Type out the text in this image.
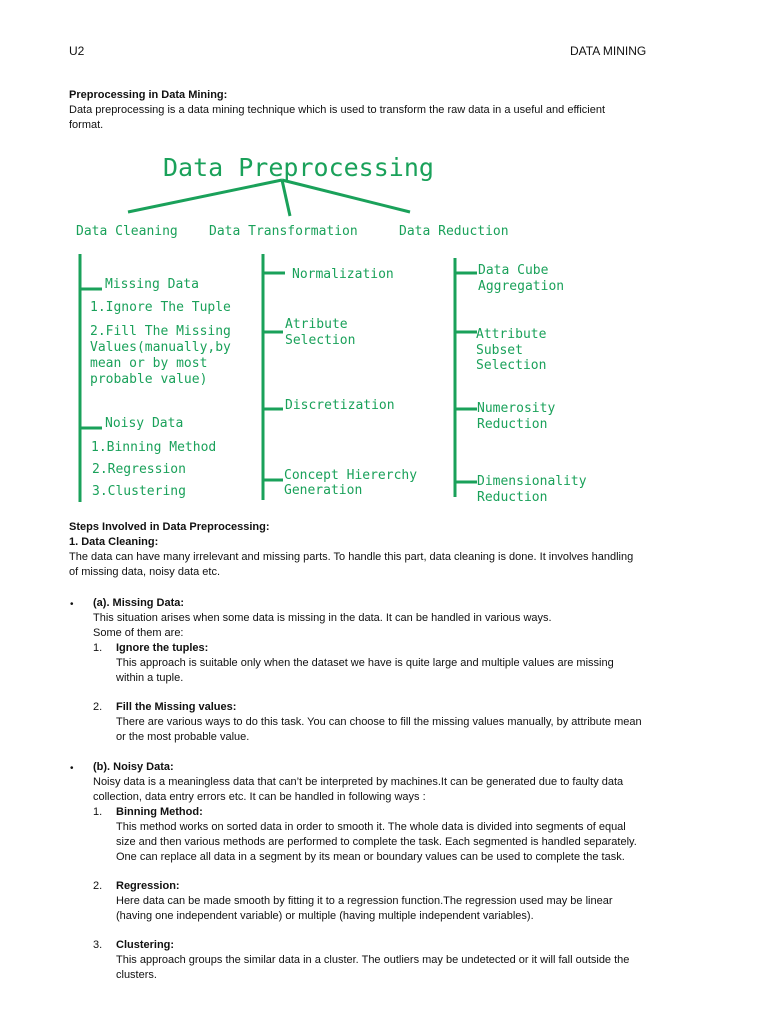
U2	DATA MINING
Preprocessing in Data Mining:
Data preprocessing is a data mining technique which is used to transform the raw data in a useful and efficient
format.
Data Preprocessing
Data Cleaning Data Transformation	Data Reduction
Missing Data
1.Ignore The Tuple
2.Fill The Missing
Values(manually,by
mean or by most
probable value)
Noisy Data
1.Binning Method
2.Regression
3.Clustering
Normalization
Atribute
Selection
Discretization
Concept Hiererchy
Generation
Data Cube
Aggregation
Attribute
Subset
Selection
Numerosity
Reduction
Dimensionality
Reduction
Steps Involved in Data Preprocessing:
1. Data Cleaning:
The data can have many irrelevant and missing parts. To handle this part, data cleaning is done. It involves handling
of missing data, noisy data etc.
• (a). Missing Data:
This situation arises when some data is missing in the data. It can be handled in various ways.
Some of them are:
1. Ignore the tuples:
This approach is suitable only when the dataset we have is quite large and multiple values are missing
within a tuple.
2. Fill the Missing values:
There are various ways to do this task. You can choose to fill the missing values manually, by attribute mean
or the most probable value.
• (b). Noisy Data:
Noisy data is a meaningless data that can’t be interpreted by machines.It can be generated due to faulty data
collection, data entry errors etc. It can be handled in following ways :
1. Binning Method:
This method works on sorted data in order to smooth it. The whole data is divided into segments of equal
size and then various methods are performed to complete the task. Each segmented is handled separately.
One can replace all data in a segment by its mean or boundary values can be used to complete the task.
2. Regression:
Here data can be made smooth by fitting it to a regression function.The regression used may be linear
(having one independent variable) or multiple (having multiple independent variables).
3. Clustering:
This approach groups the similar data in a cluster. The outliers may be undetected or it will fall outside the
clusters.
